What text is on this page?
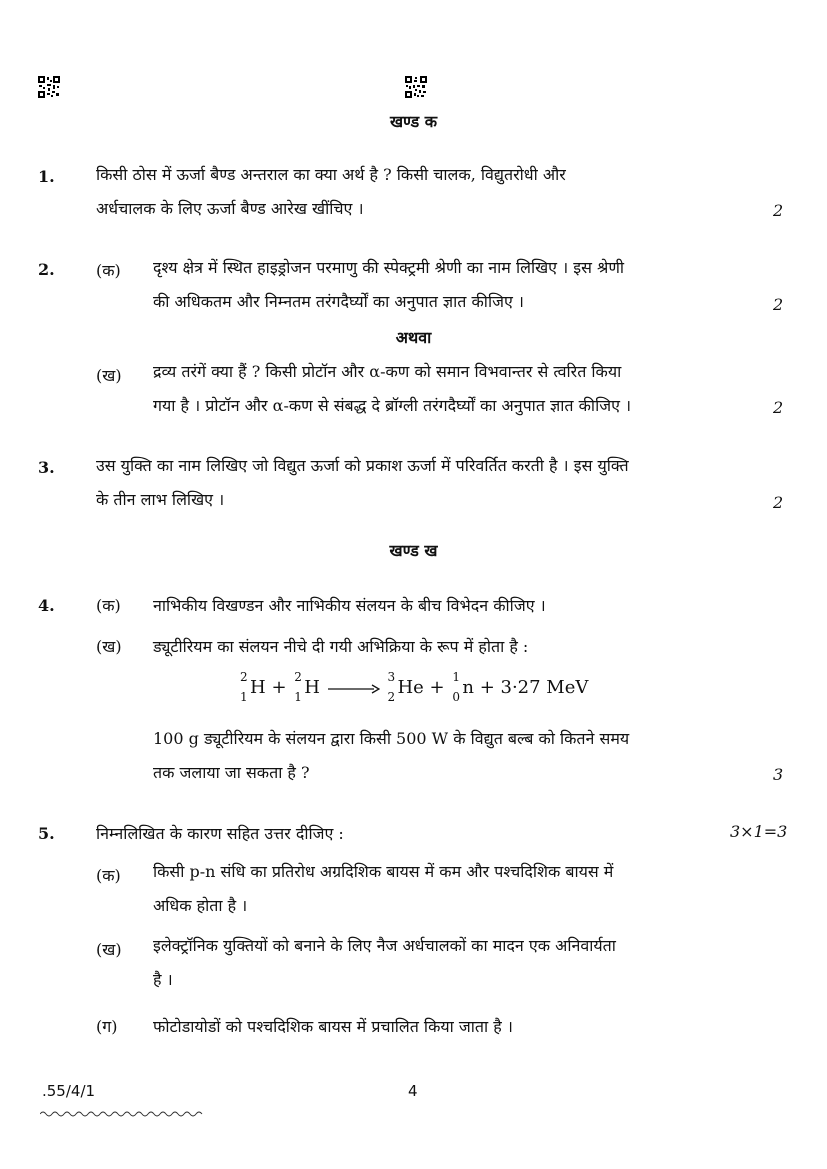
खण्ड क
1.	किसी ठोस में ऊर्जा बैण्ड अन्तराल का क्या अर्थ है ? किसी चालक, विद्युतरोधी और
अर्धचालक के लिए ऊर्जा बैण्ड आरेख खींचिए ।	2
2.	(क) दृश्य क्षेत्र में स्थित हाइड्रोजन परमाणु की स्पेक्ट्रमी श्रेणी का नाम लिखिए । इस श्रेणी
की अधिकतम और निम्नतम तरंगदैर्घ्यों का अनुपात ज्ञात कीजिए ।	2
अथवा
(ख) द्रव्य तरंगें क्या हैं ? किसी प्रोटॉन और α-कण को समान विभवान्तर से त्वरित किया
गया है । प्रोटॉन और α-कण से संबद्ध दे ब्रॉग्ली तरंगदैर्घ्यों का अनुपात ज्ञात कीजिए ।	2
3.	उस युक्ति का नाम लिखिए जो विद्युत ऊर्जा को प्रकाश ऊर्जा में परिवर्तित करती है । इस युक्ति
के तीन लाभ लिखिए ।	2
खण्ड ख
4.	(क) नाभिकीय विखण्डन और नाभिकीय संलयन के बीच विभेदन कीजिए ।
(ख) ड्यूटीरियम का संलयन नीचे दी गयी अभिक्रिया के रूप में होता है :
2
1 H + 2
1 H →
3
2 He + 1
0 n + 3·27 MeV
100 g ड्यूटीरियम के संलयन द्वारा किसी 500 W के विद्युत बल्ब को कितने समय
तक जलाया जा सकता है ?	3
5.	निम्नलिखित के कारण सहित उत्तर दीजिए :	3×1=3
(क) किसी p-n संधि का प्रतिरोध अग्रदिशिक बायस में कम और पश्चदिशिक बायस में
अधिक होता है ।
(ख) इलेक्ट्रॉनिक युक्तियों को बनाने के लिए नैज अर्धचालकों का मादन एक अनिवार्यता
है ।
(ग) फोटोडायोडों को पश्चदिशिक बायस में प्रचालित किया जाता है ।
.55/4/1	4
